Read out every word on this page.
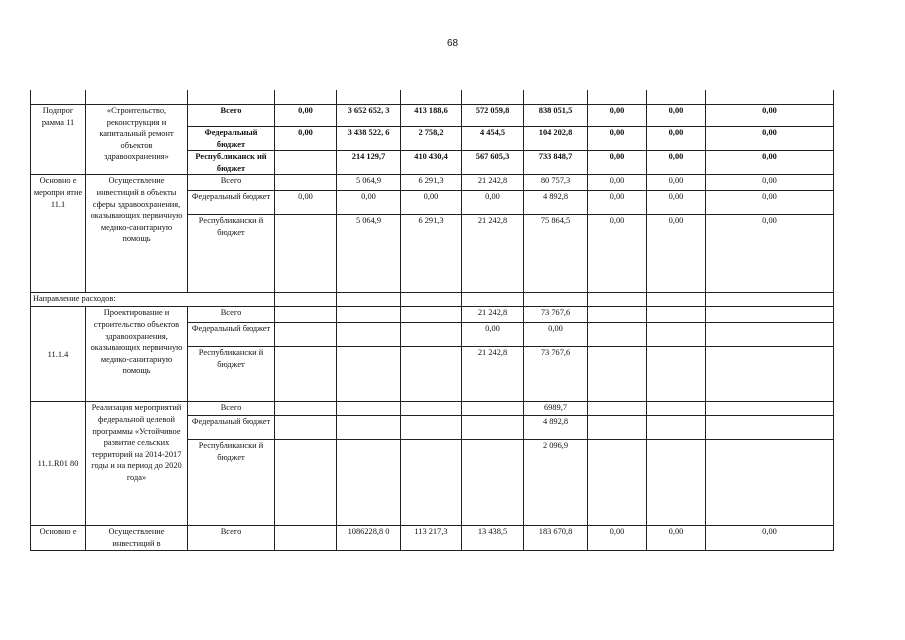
68

Подпрог рамма 11	«Строительство, реконструкция и капитальный ремонт объектов здравоохранения»	Всего	0,00	3 652 652, 3	413 188,6	572 059,8	838 051,5	0,00	0,00	0,00
		Федеральный бюджет	0,00	3 438 522, 6	2 758,2	4 454,5	104 202,8	0,00	0,00	0,00
		Респуб.ликанск ий бюджет		214 129,7	410 430,4	567 605,3	733 848,7	0,00	0,00	0,00
Основно е меропри ятие 11.1	Осуществление инвестиций в объекты сферы здравоохранения, оказывающих первичную медико-санитарную помощь	Всего		5 064,9	6 291,3	21 242,8	80 757,3	0,00	0,00	0,00
		Федеральный бюджет	0,00	0,00	0,00	0,00	4 892,8	0,00	0,00	0,00
		Республикански й бюджет		5 064,9	6 291,3	21 242,8	75 864,5	0,00	0,00	0,00
Направление расходов:										
11.1.4	Проектирование и строительство объектов здравоохранения, оказывающих первичную медико-санитарную помощь	Всего				21 242,8	73 767,6			
		Федеральный бюджет				0,00	0,00			
		Республикански й бюджет				21 242,8	73 767,6			
11.1.R01 80	Реализация мероприятий федеральной целевой программы «Устойчивое развитие сельских территорий на 2014-2017 годы и на период до 2020 года»	Всего					6989,7			
		Федеральный бюджет					4 892,8			
		Республикански й бюджет					2 096,9			
Основно е	Осуществление инвестиций в	Всего		1086228,8 0	113 217,3	13 438,5	183 670,8	0,00	0,00	0,00
